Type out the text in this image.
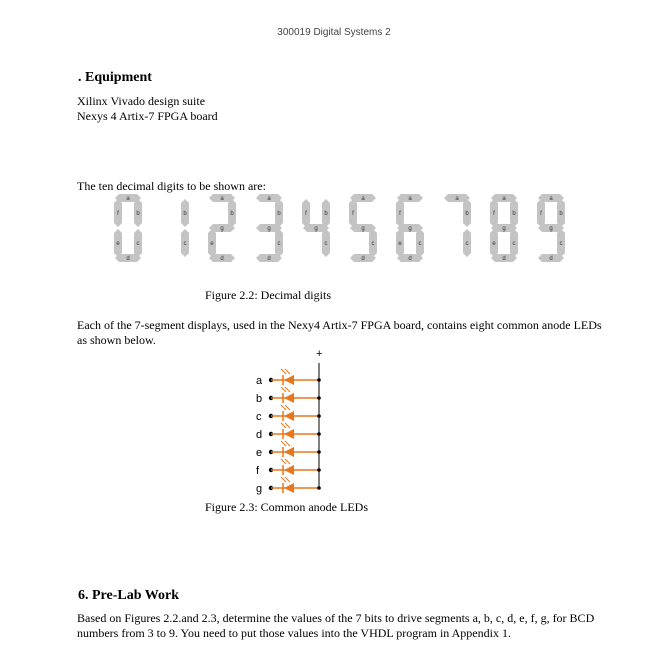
300019 Digital Systems 2
. Equipment
Xilinx Vivado design suite
Nexys 4 Artix-7 FPGA board
The ten decimal digits to be shown are:
a
b
c
d
e
f	b
c
a
b
d
e
g
a
b
c
d
g
b
c
f
g
a
c
d
f
g
a
c
d
e
f
g
a
b
c
a
b
c
d
e
f
g
a
b
c
d
f
g
Figure 2.2: Decimal digits
Each of the 7-segment displays, used in the Nexy4 Artix-7 FPGA board, contains eight common anode LEDs as shown below.
+
a
b
c
d
e
f
g
Figure 2.3: Common anode LEDs
6. Pre-Lab Work
Based on Figures 2.2.and 2.3, determine the values of the 7 bits to drive segments a, b, c, d, e, f, g, for BCD numbers from 3 to 9. You need to put those values into the VHDL program in Appendix 1.
